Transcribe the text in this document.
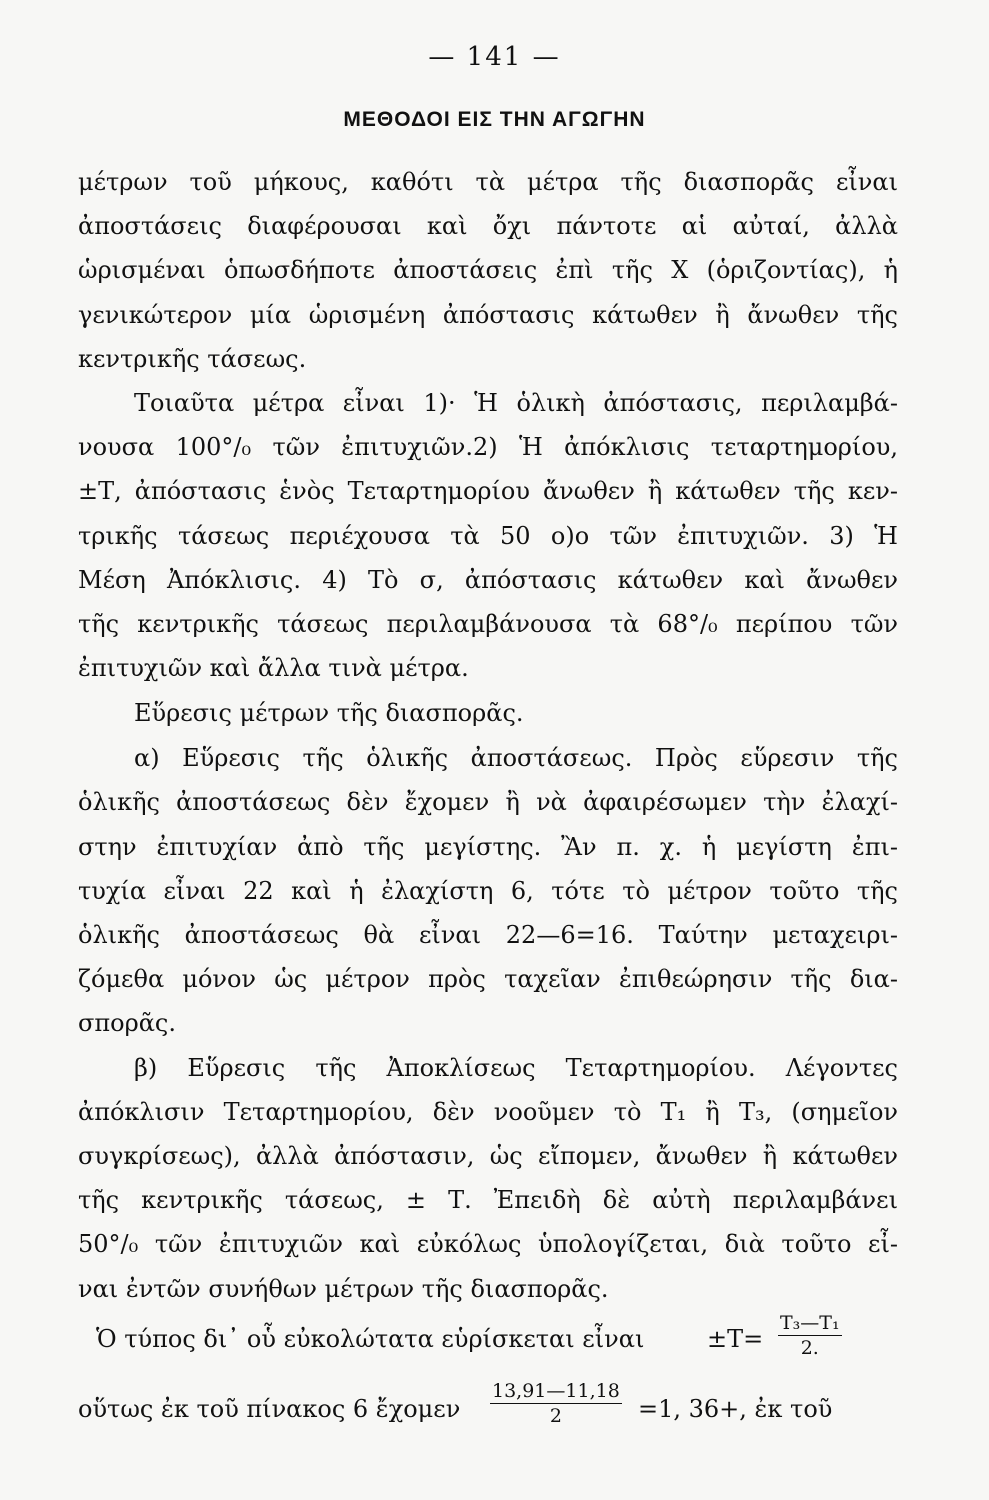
— 141 —
ΜΕΘΟΔΟΙ ΕΙΣ ΤΗΝ ΑΓΩΓΗΝ
μέτρων τοῦ μήκους, καθότι τὰ μέτρα τῆς διασπορᾶς εἶναι
ἀποστάσεις διαφέρουσαι καὶ ὄχι πάντοτε αἱ αὐταί, ἀλλὰ
ὡρισμέναι ὁπωσδήποτε ἀποστάσεις ἐπὶ τῆς Χ (ὁριζοντίας), ἡ
γενικώτερον μία ὡρισμένη ἀπόστασις κάτωθεν ἢ ἄνωθεν τῆς
κεντρικῆς τάσεως.
Τοιαῦτα μέτρα εἶναι 1)· Ἡ ὁλικὴ ἀπόστασις, περιλαμβά-
νουσα 100°/₀ τῶν ἐπιτυχιῶν.2) Ἡ ἀπόκλισις τεταρτημορίου,
±Τ, ἀπόστασις ἑνὸς Τεταρτημορίου ἄνωθεν ἢ κάτωθεν τῆς κεν-
τρικῆς τάσεως περιέχουσα τὰ 50 ο)ο τῶν ἐπιτυχιῶν. 3) Ἡ
Μέση Ἀπόκλισις. 4) Τὸ σ, ἀπόστασις κάτωθεν καὶ ἄνωθεν
τῆς κεντρικῆς τάσεως περιλαμβάνουσα τὰ 68°/₀ περίπου τῶν
ἐπιτυχιῶν καὶ ἄλλα τινὰ μέτρα.
Εὕρεσις μέτρων τῆς διασπορᾶς.
α) Εὕρεσις τῆς ὁλικῆς ἀποστάσεως. Πρὸς εὕρεσιν τῆς
ὁλικῆς ἀποστάσεως δὲν ἔχομεν ἢ νὰ ἀφαιρέσωμεν τὴν ἐλαχί-
στην ἐπιτυχίαν ἀπὸ τῆς μεγίστης. Ἂν π. χ. ἡ μεγίστη ἐπι-
τυχία εἶναι 22 καὶ ἡ ἐλαχίστη 6, τότε τὸ μέτρον τοῦτο τῆς
ὁλικῆς ἀποστάσεως θὰ εἶναι 22—6=16. Ταύτην μεταχειρι-
ζόμεθα μόνον ὡς μέτρον πρὸς ταχεῖαν ἐπιθεώρησιν τῆς δια-
σπορᾶς.
β) Εὕρεσις τῆς Ἀποκλίσεως Τεταρτημορίου. Λέγοντες
ἀπόκλισιν Τεταρτημορίου, δὲν νοοῦμεν τὸ Τ₁ ἢ Τ₃, (σημεῖον
συγκρίσεως), ἀλλὰ ἀπόστασιν, ὡς εἴπομεν, ἄνωθεν ἢ κάτωθεν
τῆς κεντρικῆς τάσεως, ± Τ. Ἐπειδὴ δὲ αὐτὴ περιλαμβάνει
50°/₀ τῶν ἐπιτυχιῶν καὶ εὐκόλως ὑπολογίζεται, διὰ τοῦτο εἶ-
ναι ἐντῶν συνήθων μέτρων τῆς διασπορᾶς.
Ὁ τύπος δι᾽ οὗ εὐκολώτατα εὑρίσκεται εἶναι	$\pm T= \frac{\text{Τ₃—Τ₁}}{2.}$
οὕτως ἐκ τοῦ πίνακος 6 ἔχομεν $\frac{13,91—11,18}{2} =1$, 36+, ἐκ τοῦ
